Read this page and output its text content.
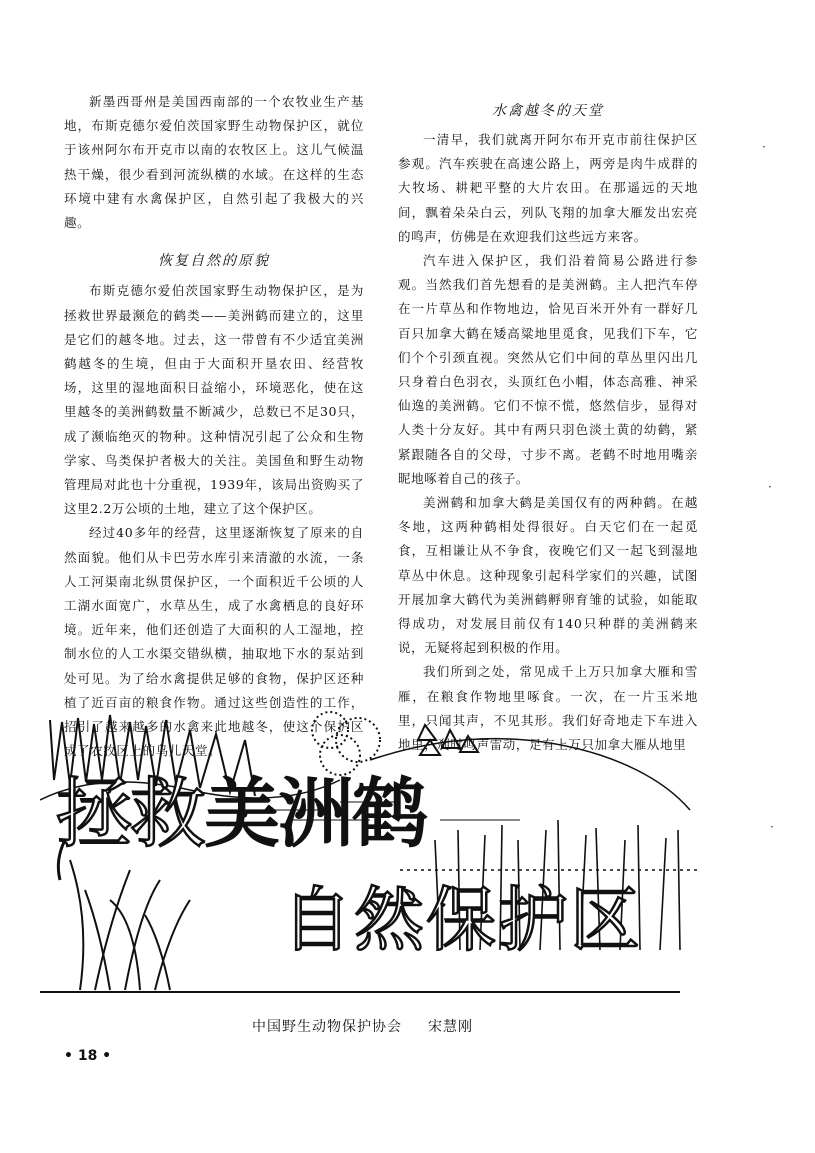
新墨西哥州是美国西南部的一个农牧业生产基地，布斯克德尔爱伯茨国家野生动物保护区，就位于该州阿尔布开克市以南的农牧区上。这儿气候温热干燥，很少看到河流纵横的水域。在这样的生态环境中建有水禽保护区，自然引起了我极大的兴趣。

恢复自然的原貌

布斯克德尔爱伯茨国家野生动物保护区，是为拯救世界最濒危的鹤类——美洲鹤而建立的，这里是它们的越冬地。过去，这一带曾有不少适宜美洲鹤越冬的生境，但由于大面积开垦农田、经营牧场，这里的湿地面积日益缩小，环境恶化，使在这里越冬的美洲鹤数量不断减少，总数已不足30只，成了濒临绝灭的物种。这种情况引起了公众和生物学家、鸟类保护者极大的关注。美国鱼和野生动物管理局对此也十分重视，1939年，该局出资购买了这里2.2万公顷的土地，建立了这个保护区。

经过40多年的经营，这里逐渐恢复了原来的自然面貌。他们从卡巴劳水库引来清澈的水流，一条人工河渠南北纵贯保护区，一个面积近千公顷的人工湖水面宽广，水草丛生，成了水禽栖息的良好环境。近年来，他们还创造了大面积的人工湿地，控制水位的人工水渠交错纵横，抽取地下水的泵站到处可见。为了给水禽提供足够的食物，保护区还种植了近百亩的粮食作物。通过这些创造性的工作，招引了越来越多的水禽来此地越冬，使这个保护区成了农牧区上的鸟儿天堂。

水禽越冬的天堂

一清早，我们就离开阿尔布开克市前往保护区参观。汽车疾驶在高速公路上，两旁是肉牛成群的大牧场、耕耙平整的大片农田。在那遥远的天地间，飘着朵朵白云，列队飞翔的加拿大雁发出宏亮的鸣声，仿佛是在欢迎我们这些远方来客。

汽车进入保护区，我们沿着简易公路进行参观。当然我们首先想看的是美洲鹤。主人把汽车停在一片草丛和作物地边，恰见百米开外有一群好几百只加拿大鹤在矮高粱地里觅食，见我们下车，它们个个引颈直视。突然从它们中间的草丛里闪出几只身着白色羽衣，头顶红色小帽，体态高雅、神采仙逸的美洲鹤。它们不惊不慌，悠然信步，显得对人类十分友好。其中有两只羽色淡土黄的幼鹤，紧紧跟随各自的父母，寸步不离。老鹤不时地用嘴亲昵地啄着自己的孩子。

美洲鹤和加拿大鹤是美国仅有的两种鹤。在越冬地，这两种鹤相处得很好。白天它们在一起觅食，互相谦让从不争食，夜晚它们又一起飞到湿地草丛中休息。这种现象引起科学家们的兴趣，试图开展加拿大鹤代为美洲鹤孵卵育雏的试验，如能取得成功，对发展目前仅有140只种群的美洲鹤来说，无疑将起到积极的作用。

我们所到之处，常见成千上万只加拿大雁和雪雁，在粮食作物地里啄食。一次，在一片玉米地里，只闻其声，不见其形。我们好奇地走下车进入地里，刹时鸣声雷动，足有上万只加拿大雁从地里

拯救美洲鹤
自然保护区
中国野生动物保护协会 宋慧刚
• 18 •
·
·
·
